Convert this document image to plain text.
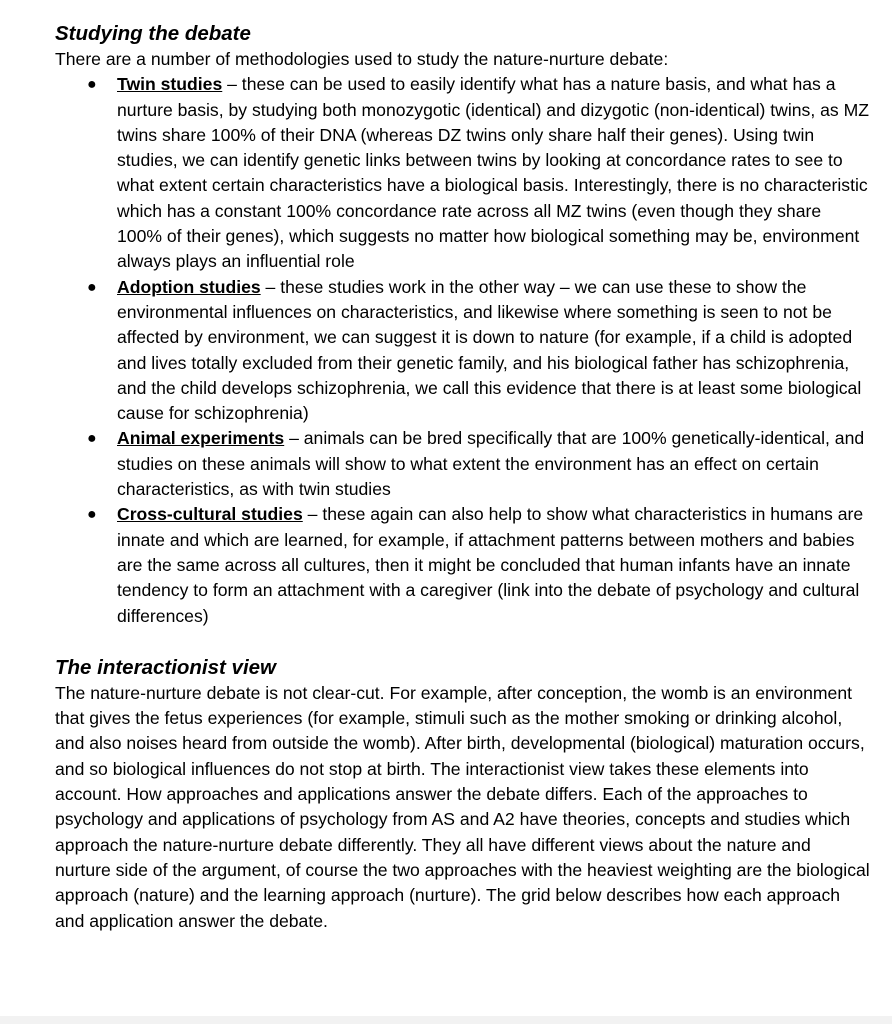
Studying the debate

There are a number of methodologies used to study the nature-nurture debate:

● Twin studies – these can be used to easily identify what has a nature basis, and what has a nurture basis, by studying both monozygotic (identical) and dizygotic (non-identical) twins, as MZ twins share 100% of their DNA (whereas DZ twins only share half their genes). Using twin studies, we can identify genetic links between twins by looking at concordance rates to see to what extent certain characteristics have a biological basis. Interestingly, there is no characteristic which has a constant 100% concordance rate across all MZ twins (even though they share 100% of their genes), which suggests no matter how biological something may be, environment always plays an influential role
● Adoption studies – these studies work in the other way – we can use these to show the environmental influences on characteristics, and likewise where something is seen to not be affected by environment, we can suggest it is down to nature (for example, if a child is adopted and lives totally excluded from their genetic family, and his biological father has schizophrenia, and the child develops schizophrenia, we call this evidence that there is at least some biological cause for schizophrenia)
● Animal experiments – animals can be bred specifically that are 100% genetically-identical, and studies on these animals will show to what extent the environment has an effect on certain characteristics, as with twin studies
● Cross-cultural studies – these again can also help to show what characteristics in humans are innate and which are learned, for example, if attachment patterns between mothers and babies are the same across all cultures, then it might be concluded that human infants have an innate tendency to form an attachment with a caregiver (link into the debate of psychology and cultural differences)
The interactionist view

The nature-nurture debate is not clear-cut. For example, after conception, the womb is an environment that gives the fetus experiences (for example, stimuli such as the mother smoking or drinking alcohol, and also noises heard from outside the womb). After birth, developmental (biological) maturation occurs, and so biological influences do not stop at birth. The interactionist view takes these elements into account. How approaches and applications answer the debate differs. Each of the approaches to psychology and applications of psychology from AS and A2 have theories, concepts and studies which approach the nature-nurture debate differently. They all have different views about the nature and nurture side of the argument, of course the two approaches with the heaviest weighting are the biological approach (nature) and the learning approach (nurture). The grid below describes how each approach and application answer the debate.
